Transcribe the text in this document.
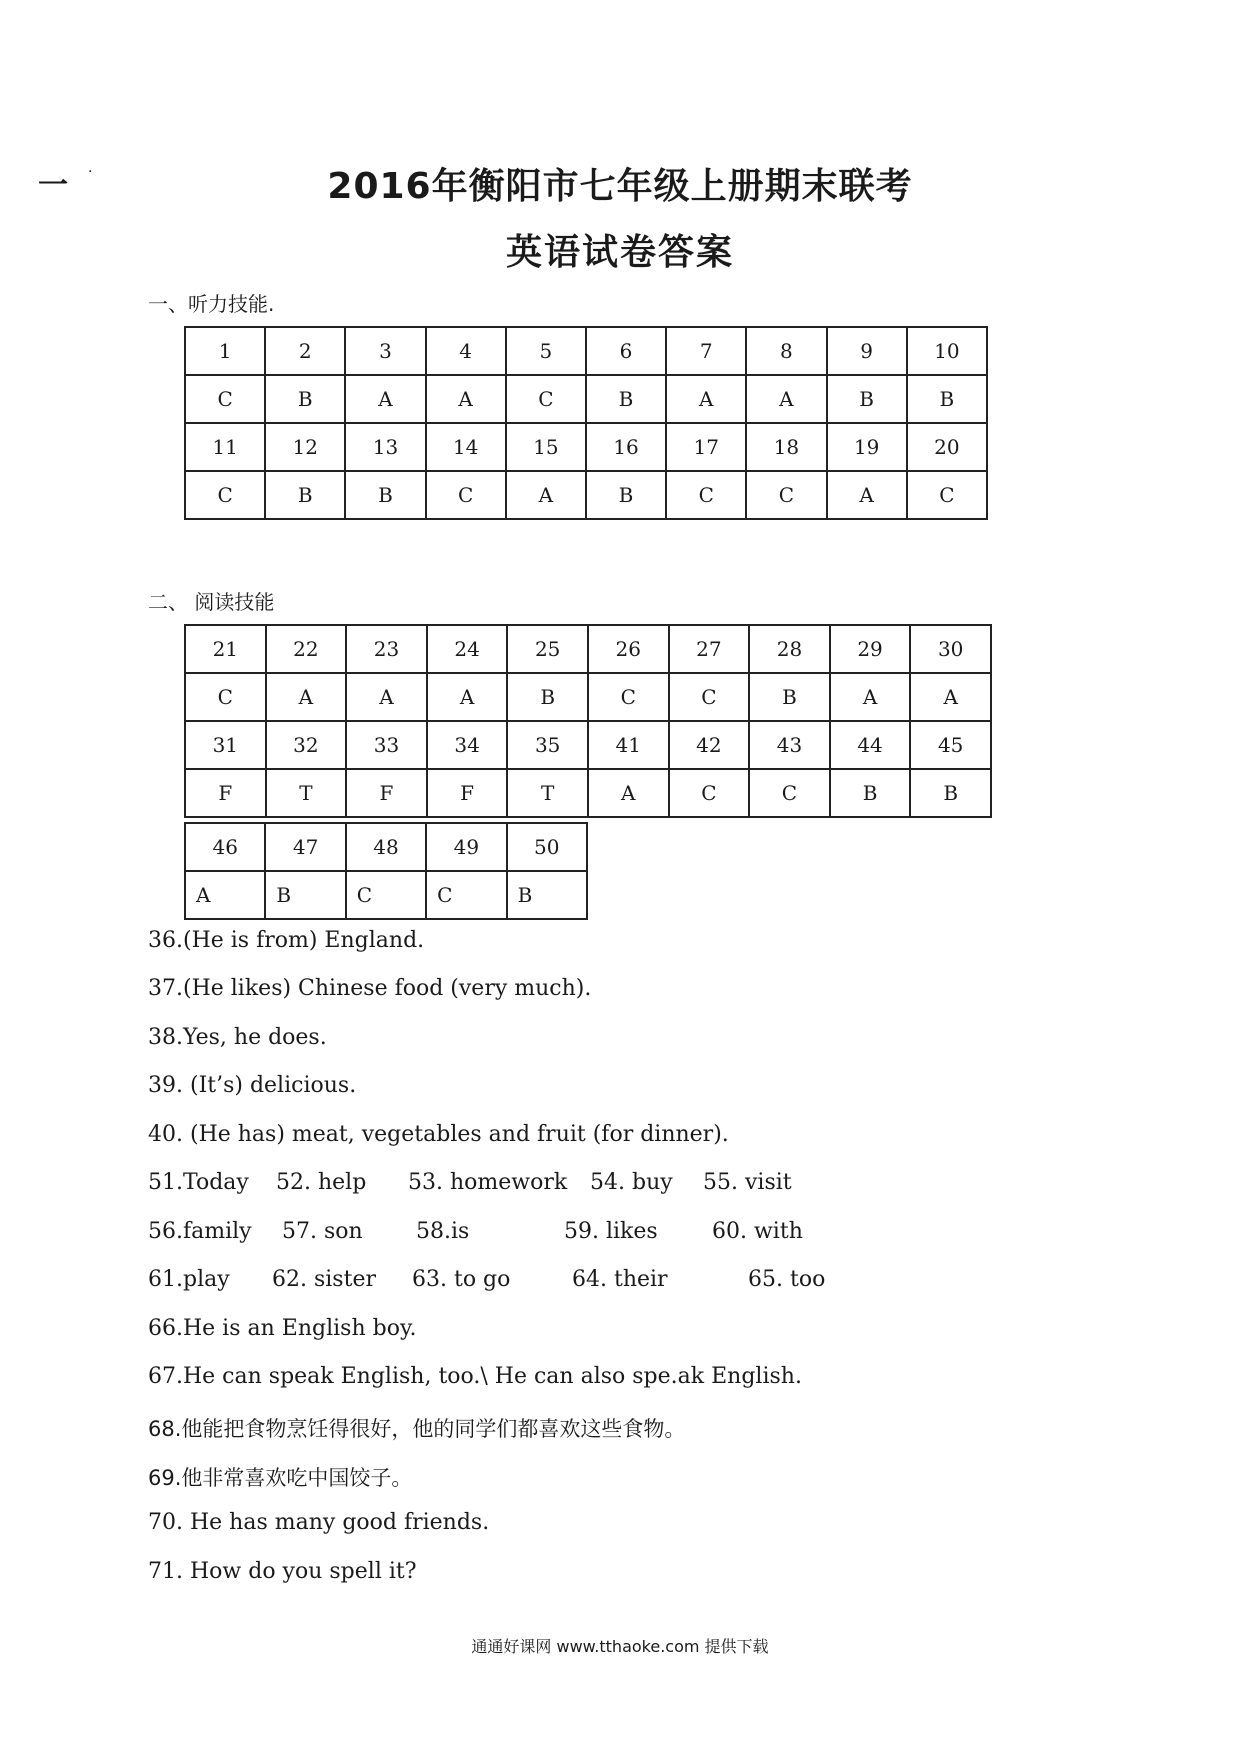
一 ·	2016年衡阳市七年级上册期末联考
英语试卷答案
一、听力技能.
1	2	3	4	5	6	7	8	9	10
C	B	A	A	C	B	A	A	B	B
11	12	13	14	15	16	17	18	19	20
C	B	B	C	A	B	C	C	A	C
二、 阅读技能
21	22	23	24	25	26	27	28	29	30
C	A	A	A	B	C	C	B	A	A
31	32	33	34	35	41	42	43	44	45
F	T	F	F	T	A	C	C	B	B
46	47	48	49	50
A	B	C	C	B
36.(He is from) England.
37.(He likes) Chinese food (very much).
38.Yes, he does.
39. (It’s) delicious.
40. (He has) meat, vegetables and fruit (for dinner).
51.Today 52. help 53. homework 54. buy 55. visit
56.family 57. son 58.is	59. likes 60. with
61.play 62. sister 63. to go	64. their	65. too
66.He is an English boy.
67.He can speak English, too.\ He can also spe.ak English.
68.他能把食物烹饪得很好，他的同学们都喜欢这些食物。
69.他非常喜欢吃中国饺子。
70. He has many good friends.
71. How do you spell it?
通通好课网 www.tthaoke.com 提供下载
